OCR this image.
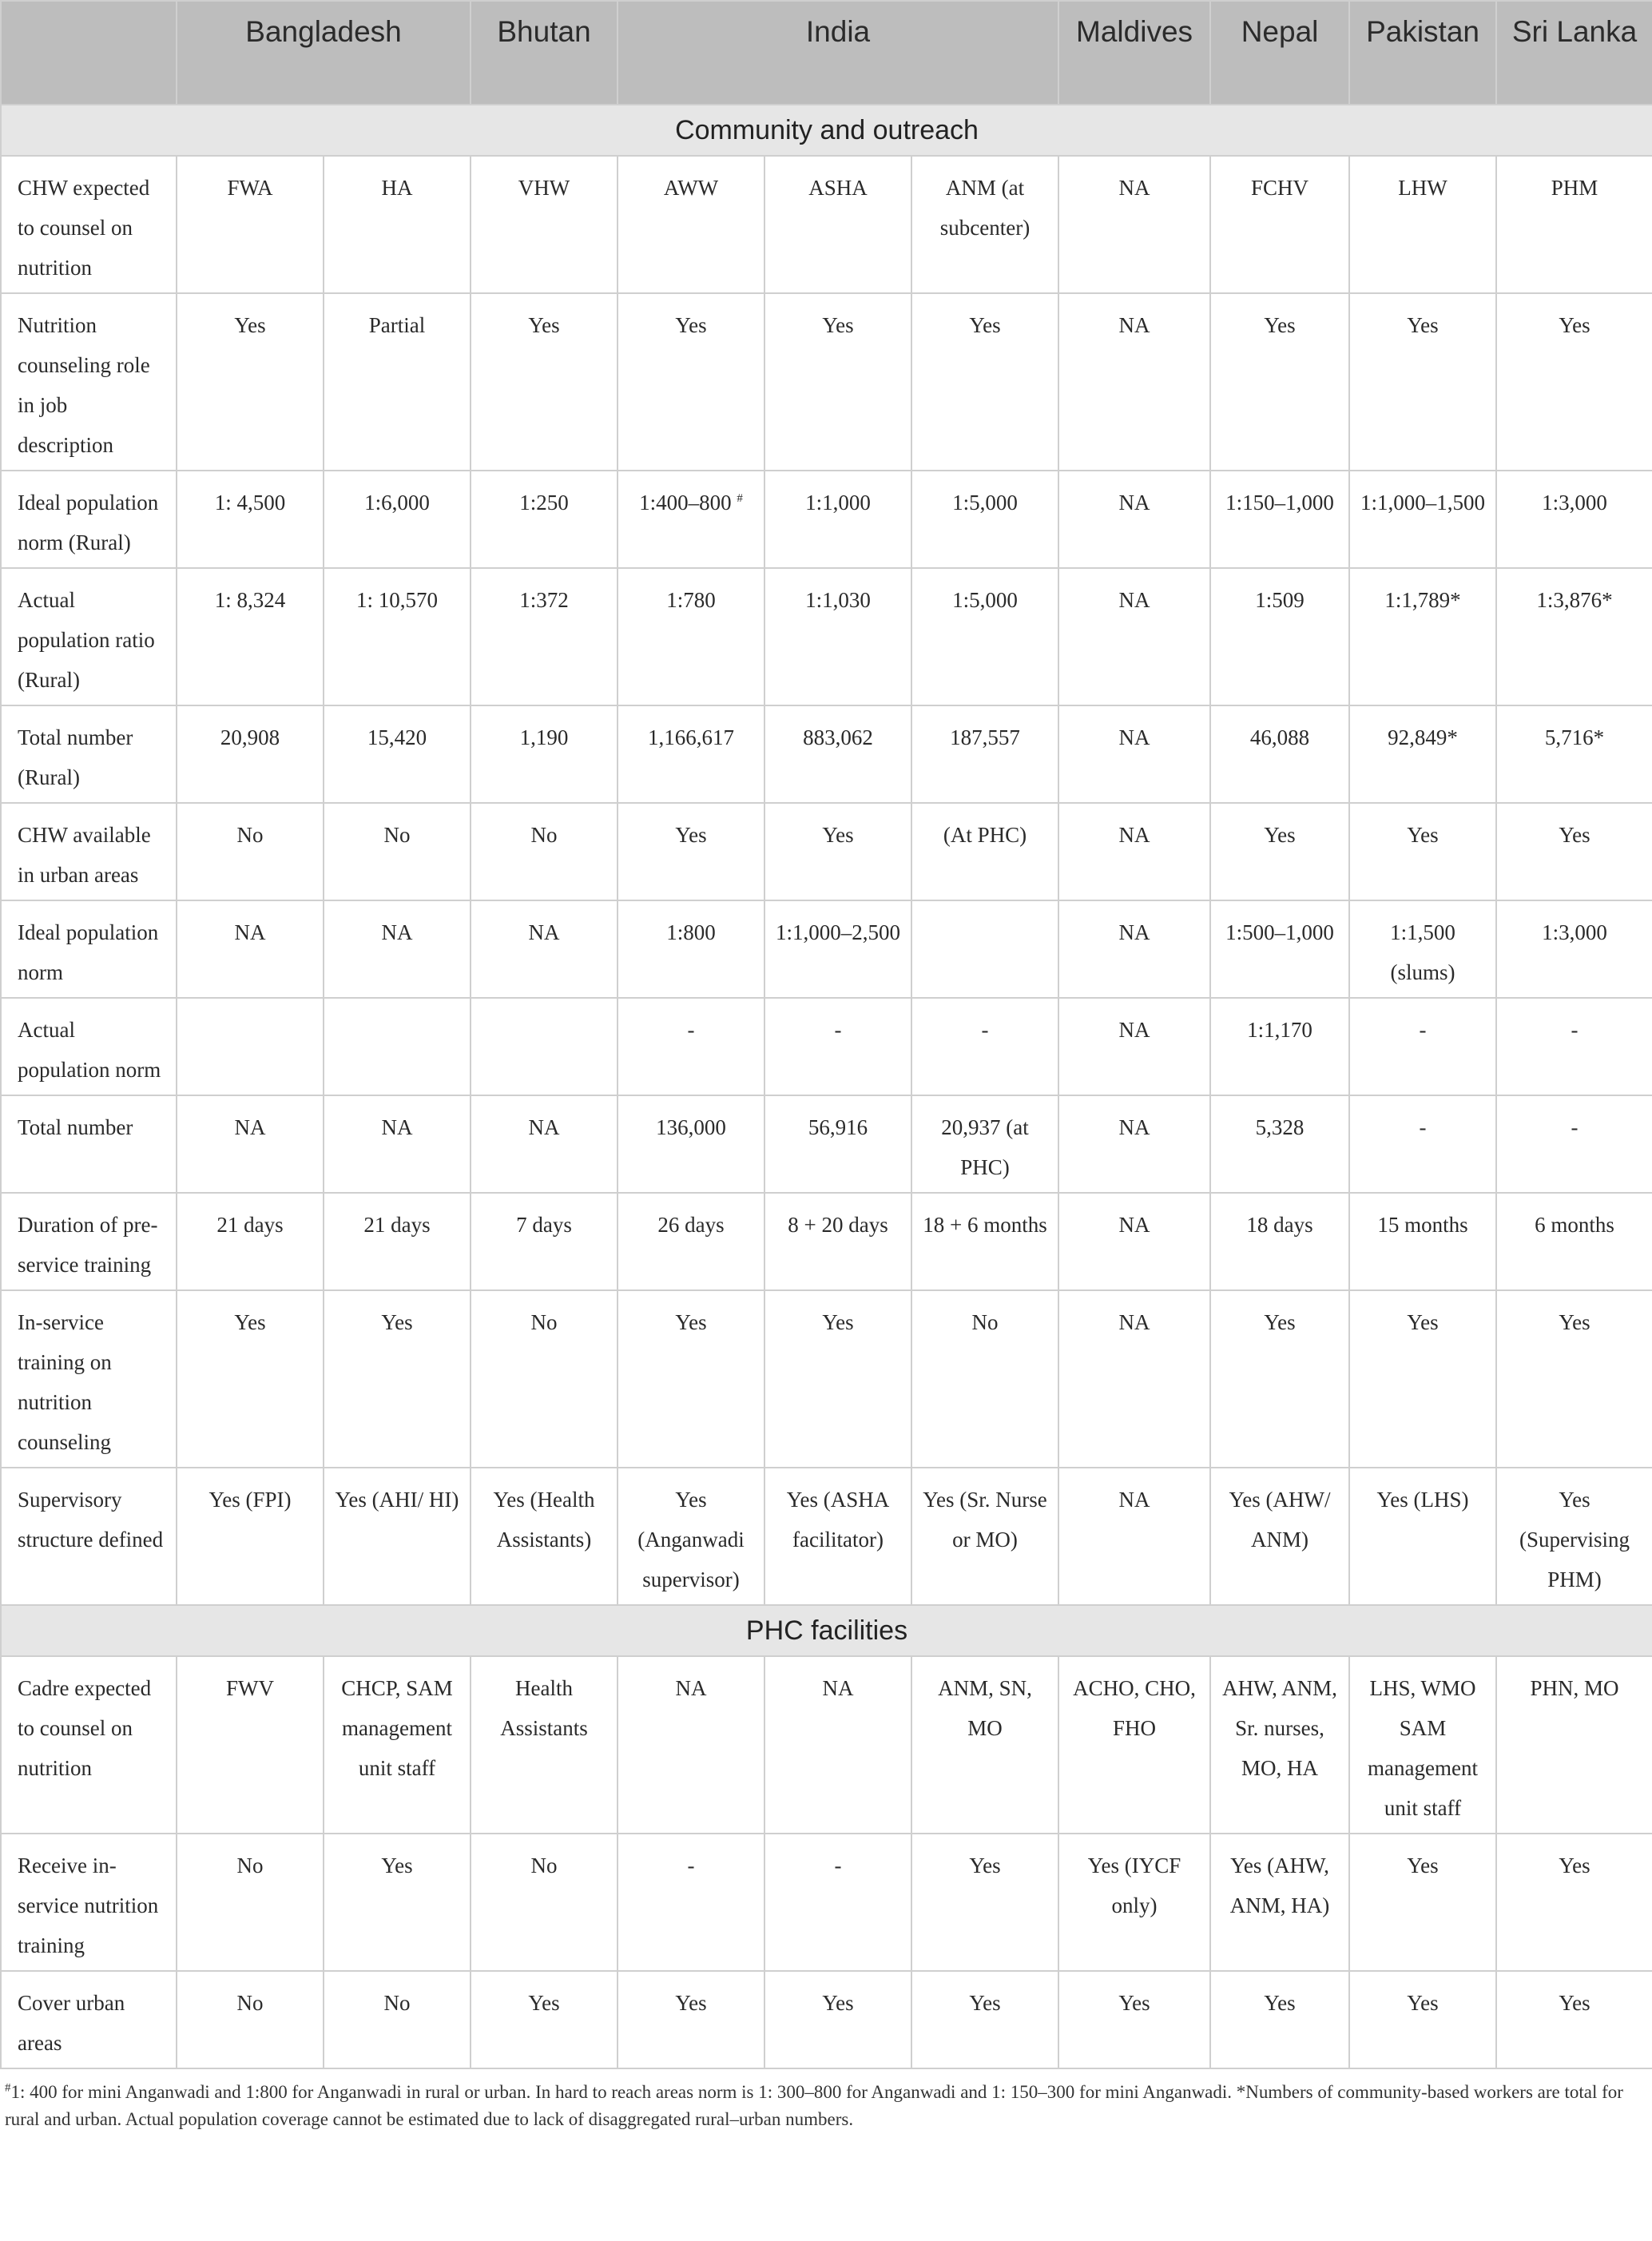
	Bangladesh		Bhutan	India			Maldives	Nepal	Pakistan	Sri Lanka
Community and outreach										
CHW expected to counsel on nutrition	FWA	HA	VHW	AWW	ASHA	ANM (at subcenter)	NA	FCHV	LHW	PHM
Nutrition counseling role in job description	Yes	Partial	Yes	Yes	Yes	Yes	NA	Yes	Yes	Yes
Ideal population norm (Rural)	1: 4,500	1:6,000	1:250	1:400–800 #	1:1,000	1:5,000	NA	1:150–1,000	1:1,000–1,500	1:3,000
Actual population ratio (Rural)	1: 8,324	1: 10,570	1:372	1:780	1:1,030	1:5,000	NA	1:509	1:1,789*	1:3,876*
Total number (Rural)	20,908	15,420	1,190	1,166,617	883,062	187,557	NA	46,088	92,849*	5,716*
CHW available in urban areas	No	No	No	Yes	Yes	(At PHC)	NA	Yes	Yes	Yes
Ideal population norm	NA	NA	NA	1:800	1:1,000–2,500		NA	1:500–1,000	1:1,500 (slums)	1:3,000
Actual population norm				-	-	-	NA	1:1,170	-	-
Total number	NA	NA	NA	136,000	56,916	20,937 (at PHC)	NA	5,328	-	-
Duration of pre-service training	21 days	21 days	7 days	26 days	8 + 20 days	18 + 6 months	NA	18 days	15 months	6 months
In-service training on nutrition counseling	Yes	Yes	No	Yes	Yes	No	NA	Yes	Yes	Yes
Supervisory structure defined	Yes (FPI)	Yes (AHI/ HI)	Yes (Health Assistants)	Yes (Anganwadi supervisor)	Yes (ASHA facilitator)	Yes (Sr. Nurse or MO)	NA	Yes (AHW/ ANM)	Yes (LHS)	Yes (Supervising PHM)
PHC facilities										
Cadre expected to counsel on nutrition	FWV	CHCP, SAM management unit staff	Health Assistants	NA	NA	ANM, SN, MO	ACHO, CHO, FHO	AHW, ANM, Sr. nurses, MO, HA	LHS, WMO SAM management unit staff	PHN, MO
Receive in-service nutrition training	No	Yes	No	-	-	Yes	Yes (IYCF only)	Yes (AHW, ANM, HA)	Yes	Yes
Cover urban areas	No	No	Yes	Yes	Yes	Yes	Yes	Yes	Yes	Yes
#1: 400 for mini Anganwadi and 1:800 for Anganwadi in rural or urban. In hard to reach areas norm is 1: 300–800 for Anganwadi and 1: 150–300 for mini Anganwadi. *Numbers of community-based workers are total for rural and urban. Actual population coverage cannot be estimated due to lack of disaggregated rural–urban numbers.
